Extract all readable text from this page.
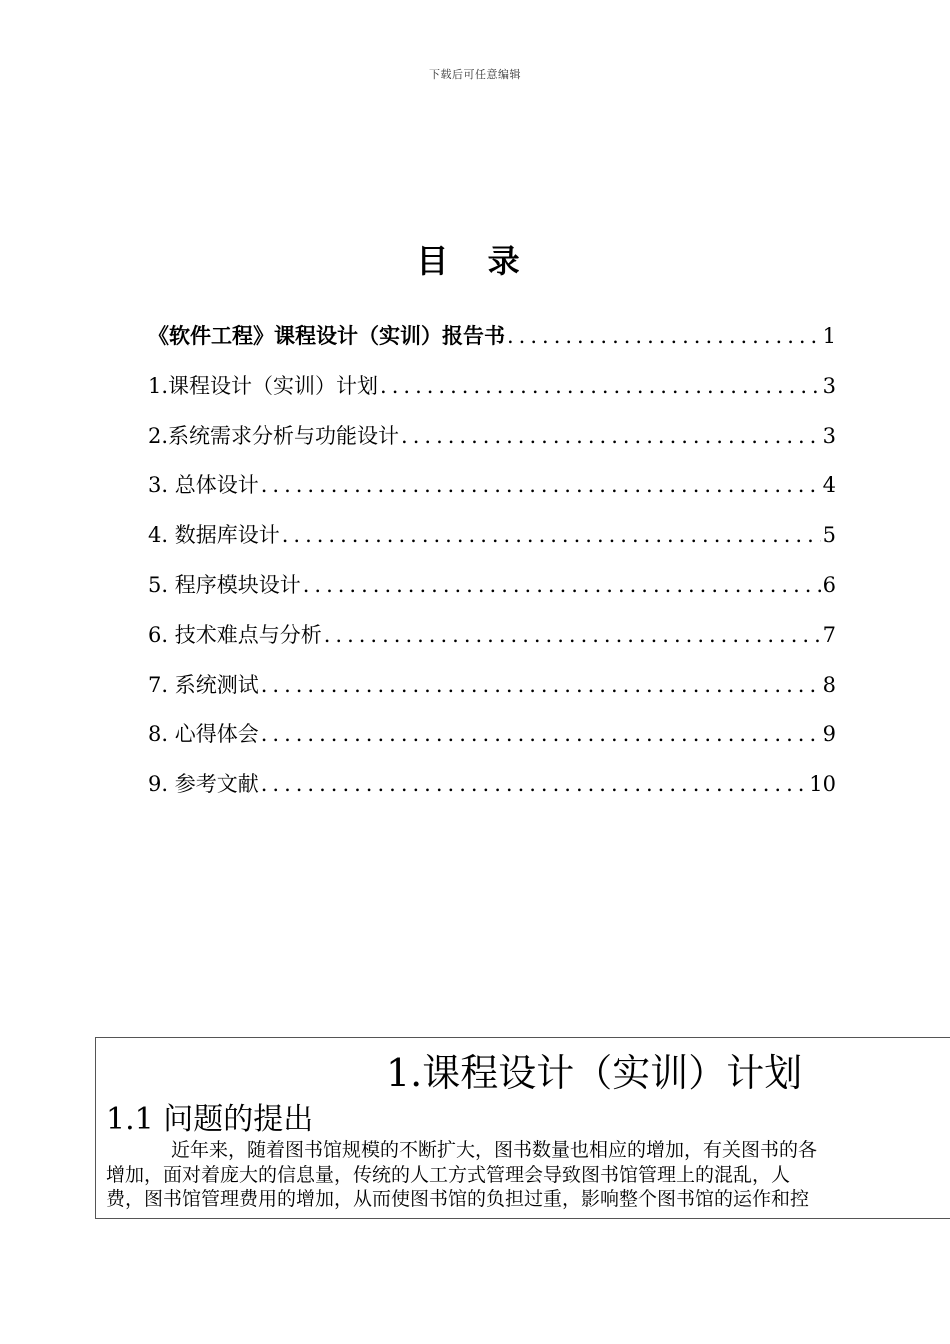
下载后可任意编辑
目 录
《软件工程》课程设计（实训）报告书 .....	1
1.课程设计（实训）计划 .....	3
2.系统需求分析与功能设计 .....	3
3. 总体设计 .....	4
4. 数据库设计 .....	5
5. 程序模块设计 .....	6
6. 技术难点与分析 .....	7
7. 系统测试 .....	8
8. 心得体会 .....	9
9. 参考文献 .....	10
1.课程设计（实训）计划
1.1 问题的提出
近年来，随着图书馆规模的不断扩大，图书数量也相应的增加，有关图书的各
增加，面对着庞大的信息量，传统的人工方式管理会导致图书馆管理上的混乱，人
费，图书馆管理费用的增加，从而使图书馆的负担过重，影响整个图书馆的运作和控
